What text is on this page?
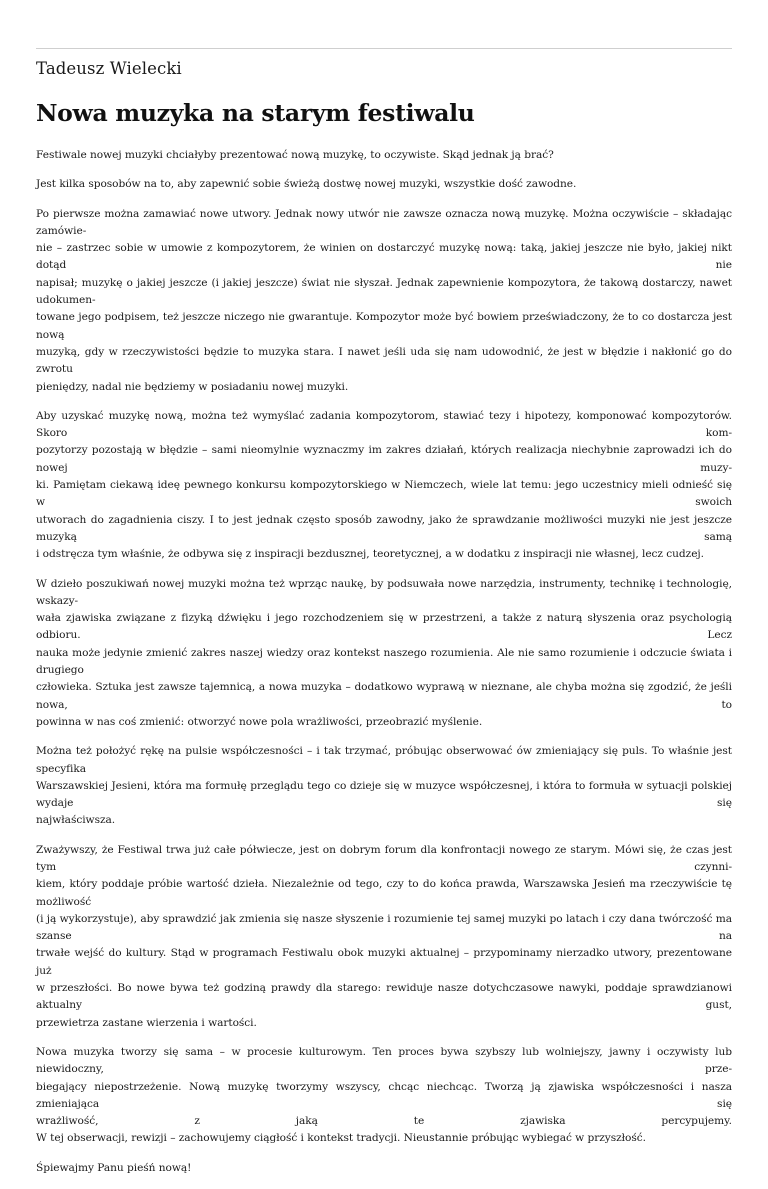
Tadeusz Wielecki
Nowa muzyka na starym festiwalu

Festiwale nowej muzyki chciałyby prezentować nową muzykę, to oczywiste. Skąd jednak ją brać?

Jest kilka sposobów na to, aby zapewnić sobie świeżą dostwę nowej muzyki, wszystkie dość zawodne.

Po pierwsze można zamawiać nowe utwory. Jednak nowy utwór nie zawsze oznacza nową muzykę. Można oczywiście – składając zamówie-
nie – zastrzec sobie w umowie z kompozytorem, że winien on dostarczyć muzykę nową: taką, jakiej jeszcze nie było, jakiej nikt dotąd nie
napisał; muzykę o jakiej jeszcze (i jakiej jeszcze) świat nie słyszał. Jednak zapewnienie kompozytora, że takową dostarczy, nawet udokumen-
towane jego podpisem, też jeszcze niczego nie gwarantuje. Kompozytor może być bowiem przeświadczony, że to co dostarcza jest nową
muzyką, gdy w rzeczywistości będzie to muzyka stara. I nawet jeśli uda się nam udowodnić, że jest w błędzie i nakłonić go do zwrotu
pieniędzy, nadal nie będziemy w posiadaniu nowej muzyki.

Aby uzyskać muzykę nową, można też wymyślać zadania kompozytorom, stawiać tezy i hipotezy, komponować kompozytorów. Skoro kom-
pozytorzy pozostają w błędzie – sami nieomylnie wyznaczmy im zakres działań, których realizacja niechybnie zaprowadzi ich do nowej muzy-
ki. Pamiętam ciekawą ideę pewnego konkursu kompozytorskiego w Niemczech, wiele lat temu: jego uczestnicy mieli odnieść się w swoich
utworach do zagadnienia ciszy. I to jest jednak często sposób zawodny, jako że sprawdzanie możliwości muzyki nie jest jeszcze muzyką samą
i odstręcza tym właśnie, że odbywa się z inspiracji bezdusznej, teoretycznej, a w dodatku z inspiracji nie własnej, lecz cudzej.

W dzieło poszukiwań nowej muzyki można też wprząc naukę, by podsuwała nowe narzędzia, instrumenty, technikę i technologię, wskazy-
wała zjawiska związane z fizyką dźwięku i jego rozchodzeniem się w przestrzeni, a także z naturą słyszenia oraz psychologią odbioru. Lecz
nauka może jedynie zmienić zakres naszej wiedzy oraz kontekst naszego rozumienia. Ale nie samo rozumienie i odczucie świata i drugiego
człowieka. Sztuka jest zawsze tajemnicą, a nowa muzyka – dodatkowo wyprawą w nieznane, ale chyba można się zgodzić, że jeśli nowa, to
powinna w nas coś zmienić: otworzyć nowe pola wrażliwości, przeobrazić myślenie.

Można też położyć rękę na pulsie współczesności – i tak trzymać, próbując obserwować ów zmieniający się puls. To właśnie jest specyfika
Warszawskiej Jesieni, która ma formułę przeglądu tego co dzieje się w muzyce współczesnej, i która to formuła w sytuacji polskiej wydaje się
najwłaściwsza.

Zważywszy, że Festiwal trwa już całe półwiecze, jest on dobrym forum dla konfrontacji nowego ze starym. Mówi się, że czas jest tym czynni-
kiem, który poddaje próbie wartość dzieła. Niezależnie od tego, czy to do końca prawda, Warszawska Jesień ma rzeczywiście tę możliwość
(i ją wykorzystuje), aby sprawdzić jak zmienia się nasze słyszenie i rozumienie tej samej muzyki po latach i czy dana twórczość ma szanse na
trwałe wejść do kultury. Stąd w programach Festiwalu obok muzyki aktualnej – przypominamy nierzadko utwory, prezentowane już
w przeszłości. Bo nowe bywa też godziną prawdy dla starego: rewiduje nasze dotychczasowe nawyki, poddaje sprawdzianowi aktualny gust,
przewietrza zastane wierzenia i wartości.

Nowa muzyka tworzy się sama – w procesie kulturowym. Ten proces bywa szybszy lub wolniejszy, jawny i oczywisty lub niewidoczny, prze-
biegający niepostrzeżenie. Nową muzykę tworzymy wszyscy, chcąc niechcąc. Tworzą ją zjawiska współczesności i nasza zmieniająca się
wrażliwość, z jaką te zjawiska percypujemy.
W tej obserwacji, rewizji – zachowujemy ciągłość i kontekst tradycji. Nieustannie próbując wybiegać w przyszłość.

Śpiewajmy Panu pieśń nową!
